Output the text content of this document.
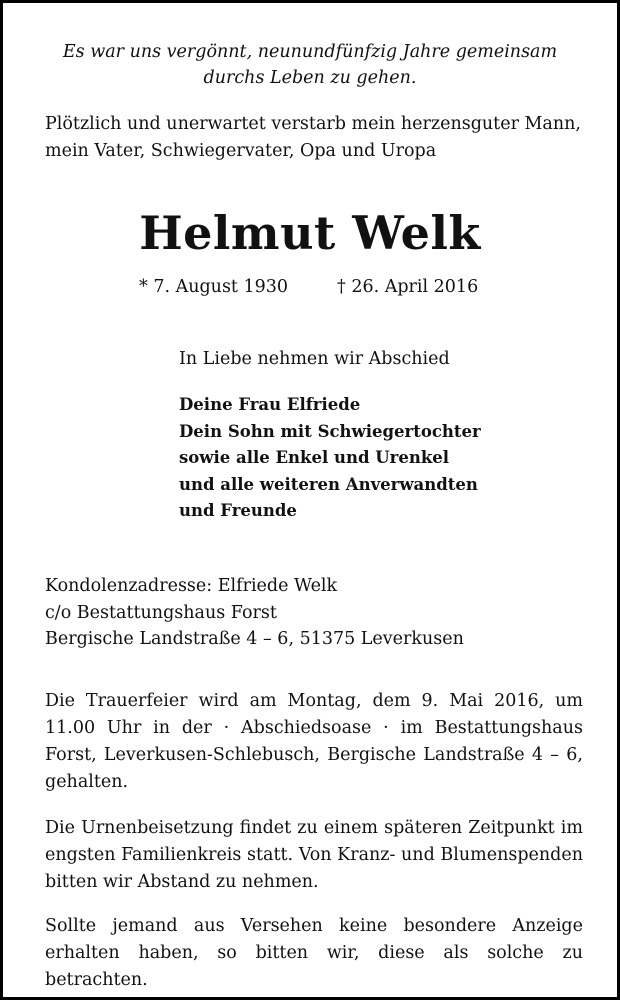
Es war uns vergönnt, neunundfünfzig Jahre gemeinsam durchs Leben zu gehen.
Plötzlich und unerwartet verstarb mein herzensguter Mann, mein Vater, Schwiegervater, Opa und Uropa
Helmut Welk
* 7. August 1930	† 26. April 2016
In Liebe nehmen wir Abschied
Deine Frau Elfriede
Dein Sohn mit Schwiegertochter
sowie alle Enkel und Urenkel
und alle weiteren Anverwandten
und Freunde
Kondolenzadresse: Elfriede Welk
c/o Bestattungshaus Forst
Bergische Landstraße 4 – 6, 51375 Leverkusen

Die Trauerfeier wird am Montag, dem 9. Mai 2016, um 11.00 Uhr in der · Abschiedsoase · im Bestattungshaus Forst, Leverkusen-Schlebusch, Bergische Landstraße 4 – 6, gehalten.

Die Urnenbeisetzung findet zu einem späteren Zeitpunkt im engsten Familienkreis statt. Von Kranz- und Blumenspenden bitten wir Abstand zu nehmen.

Sollte jemand aus Versehen keine besondere Anzeige erhalten haben, so bitten wir, diese als solche zu betrachten.
